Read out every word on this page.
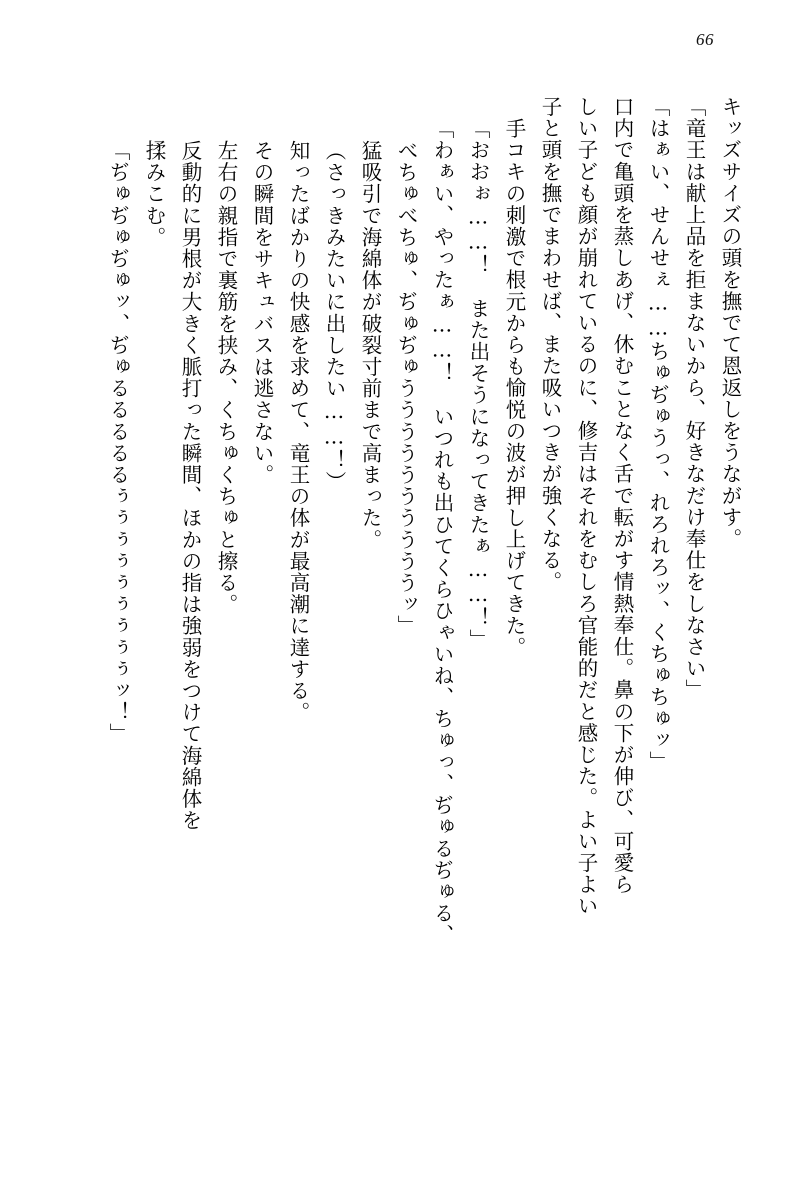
66
キッズサイズの頭を撫でて恩返しをうながす。
「竜王は献上品を拒まないから、好きなだけ奉仕をしなさい」
「はぁい、せんせぇ……ちゅぢゅうっ、れろれろッ、くちゅちゅッ」
口内で亀頭を蒸しあげ、休むことなく舌で転がす情熱奉仕。鼻の下が伸び、可愛ら
しい子ども顔が崩れているのに、修吉はそれをむしろ官能的だと感じた。よい子よい
子と頭を撫でまわせば、また吸いつきが強くなる。
手コキの刺激で根元からも愉悦の波が押し上げてきた。
「おおぉ……！　また出そうになってきたぁ……！」
「わぁい、やったぁ……！　いつれも出ひてくらひゃいね、ちゅっ、ぢゅるぢゅる、
べちゅべちゅ、ぢゅぢゅううううううううううッ」
猛吸引で海綿体が破裂寸前まで高まった。
（さっきみたいに出したい……！）
知ったばかりの快感を求めて、竜王の体が最高潮に達する。
その瞬間をサキュバスは逃さない。
左右の親指で裏筋を挟み、くちゅくちゅと擦る。
反動的に男根が大きく脈打った瞬間、ほかの指は強弱をつけて海綿体を
揉みこむ。
「ぢゅぢゅぢゅッ、ぢゅるるるるるぅぅぅぅぅぅぅぅぅッ！」
